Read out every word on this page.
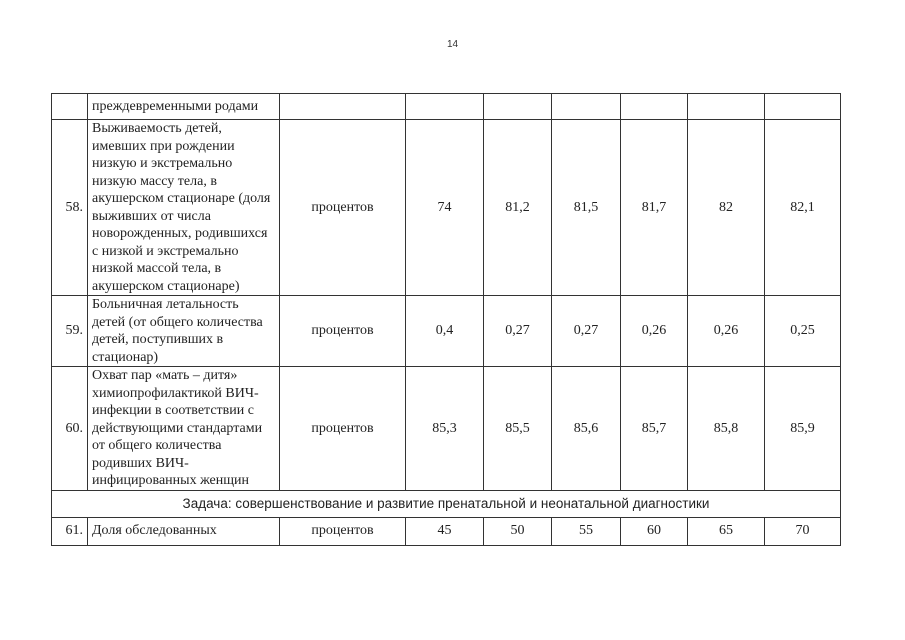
14
	преждевременными родами							
58.	Выживаемость детей, имевших при рождении низкую и экстремально низкую массу тела, в акушерском стационаре (доля выживших от числа новорожденных, родившихся с низкой и экстремально низкой массой тела, в акушерском стационаре)	процентов	74	81,2	81,5	81,7	82	82,1
59.	Больничная летальность детей (от общего количества детей, поступивших в стационар)	процентов	0,4	0,27	0,27	0,26	0,26	0,25
60.	Охват пар «мать – дитя» химиопрофилактикой ВИЧ-инфекции в соответствии с действующими стандартами от общего количества родивших ВИЧ-инфицированных женщин	процентов	85,3	85,5	85,6	85,7	85,8	85,9
Задача: совершенствование и развитие пренатальной и неонатальной диагностики								
61.	Доля обследованных	процентов	45	50	55	60	65	70
